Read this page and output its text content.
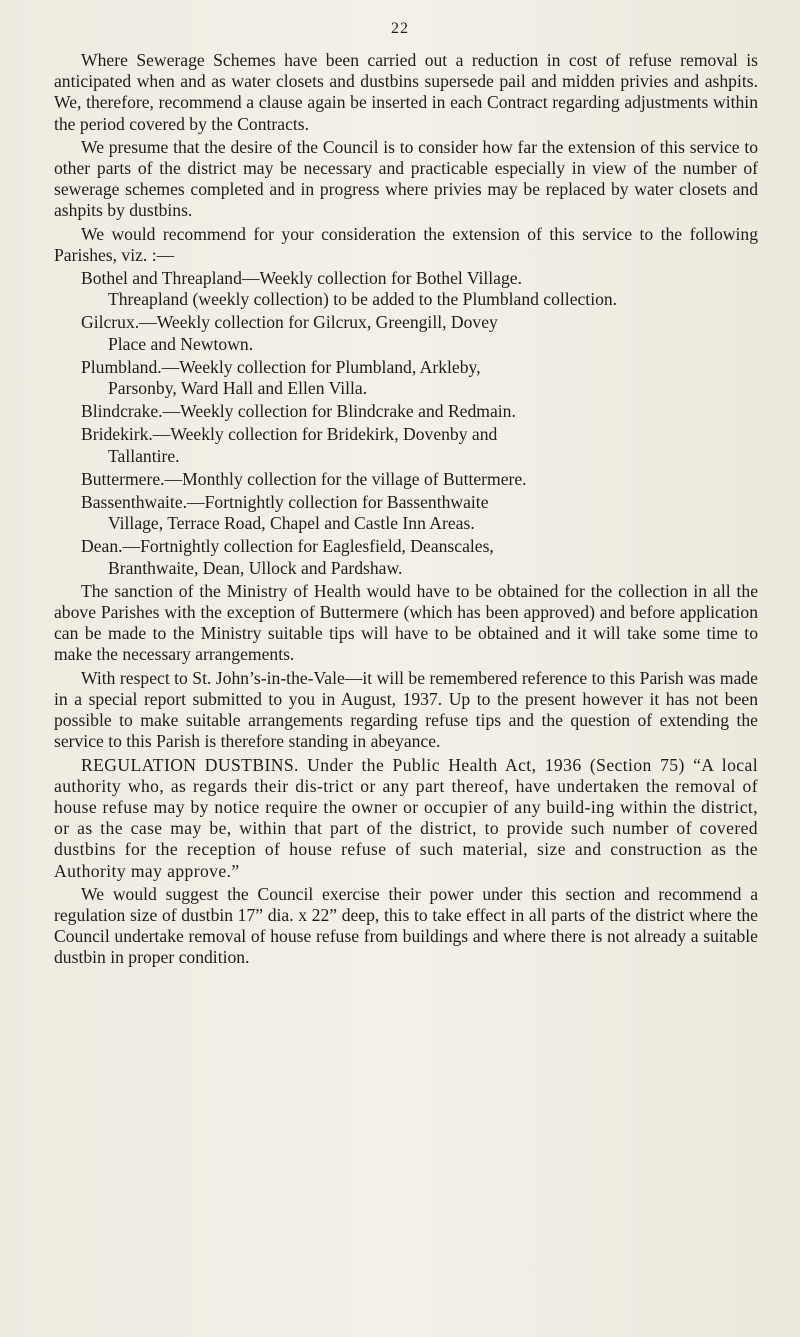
22

Where Sewerage Schemes have been carried out a reduction in cost of refuse removal is anticipated when and as water closets and dustbins supersede pail and midden privies and ashpits. We, therefore, recommend a clause again be inserted in each Contract regarding adjustments within the period covered by the Contracts.

We presume that the desire of the Council is to consider how far the extension of this service to other parts of the district may be necessary and practicable especially in view of the number of sewerage schemes completed and in progress where privies may be replaced by water closets and ashpits by dustbins.

We would recommend for your consideration the extension of this service to the following Parishes, viz. :—

Bothel and Threapland—Weekly collection for Bothel Village.
Threapland (weekly collection) to be added to the Plumbland collection.

Gilcrux.—Weekly collection for Gilcrux, Greengill, Dovey
Place and Newtown.

Plumbland.—Weekly collection for Plumbland, Arkleby,
Parsonby, Ward Hall and Ellen Villa.

Blindcrake.—Weekly collection for Blindcrake and Redmain.

Bridekirk.—Weekly collection for Bridekirk, Dovenby and
Tallantire.

Buttermere.—Monthly collection for the village of Buttermere.

Bassenthwaite.—Fortnightly collection for Bassenthwaite
Village, Terrace Road, Chapel and Castle Inn Areas.

Dean.—Fortnightly collection for Eaglesfield, Deanscales,
Branthwaite, Dean, Ullock and Pardshaw.

The sanction of the Ministry of Health would have to be obtained for the collection in all the above Parishes with the exception of Buttermere (which has been approved) and before application can be made to the Ministry suitable tips will have to be obtained and it will take some time to make the necessary arrangements.

With respect to St. John’s-in-the-Vale—it will be remembered reference to this Parish was made in a special report submitted to you in August, 1937. Up to the present however it has not been possible to make suitable arrangements regarding refuse tips and the question of extending the service to this Parish is therefore standing in abeyance.

REGULATION DUSTBINS. Under the Public Health Act, 1936 (Section 75) “A local authority who, as regards their dis-trict or any part thereof, have undertaken the removal of house refuse may by notice require the owner or occupier of any build-ing within the district, or as the case may be, within that part of the district, to provide such number of covered dustbins for the reception of house refuse of such material, size and construction as the Authority may approve.”

We would suggest the Council exercise their power under this section and recommend a regulation size of dustbin 17” dia. x 22” deep, this to take effect in all parts of the district where the Council undertake removal of house refuse from buildings and where there is not already a suitable dustbin in proper condition.
